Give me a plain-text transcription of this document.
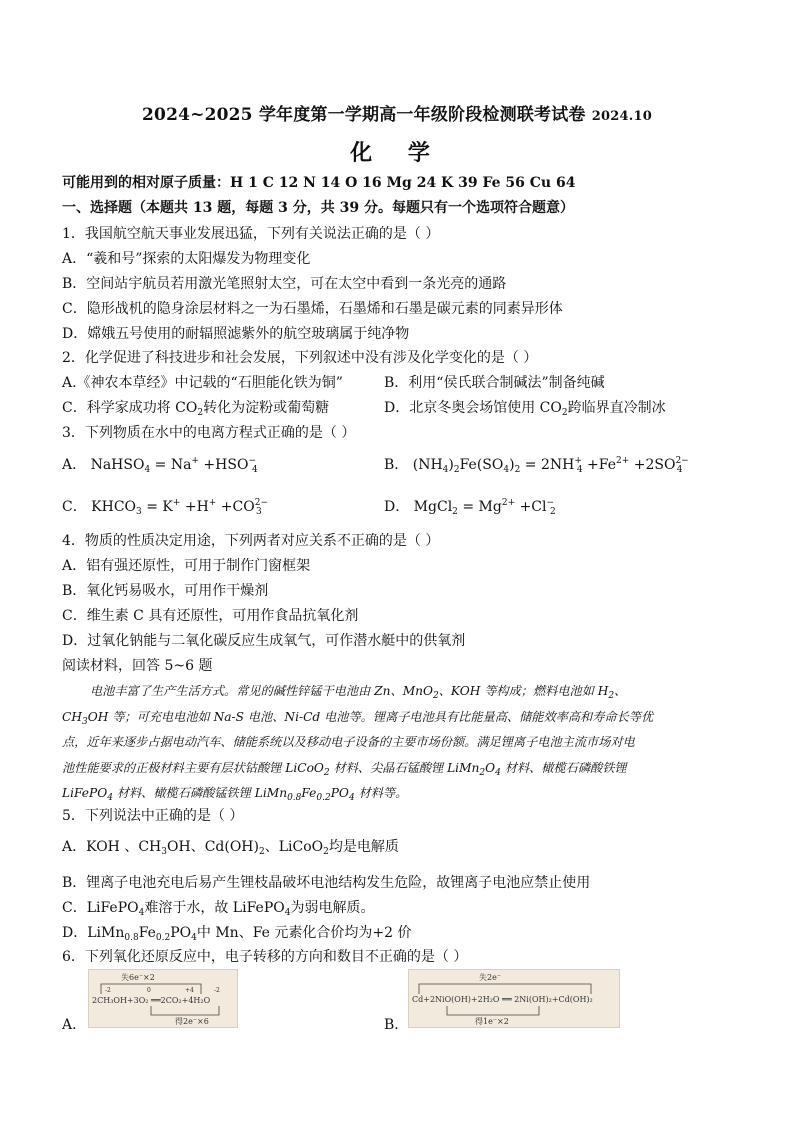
2024~2025 学年度第一学期高一年级阶段检测联考试卷 2024.10
化 学
可能用到的相对原子质量：H 1 C 12 N 14 O 16 Mg 24 K 39 Fe 56 Cu 64
一、选择题（本题共 13 题，每题 3 分，共 39 分。每题只有一个选项符合题意）
1．我国航空航天事业发展迅猛，下列有关说法正确的是（ ）
A．“羲和号”探索的太阳爆发为物理变化
B．空间站宇航员若用激光笔照射太空，可在太空中看到一条光亮的通路
C．隐形战机的隐身涂层材料之一为石墨烯，石墨烯和石墨是碳元素的同素异形体
D．嫦娥五号使用的耐辐照滤紫外的航空玻璃属于纯净物
2．化学促进了科技进步和社会发展，下列叙述中没有涉及化学变化的是（ ）
A.《神农本草经》中记载的“石胆能化铁为铜”	B．利用“侯氏联合制碱法”制备纯碱
C．科学家成功将 $CO_2$转化为淀粉或葡萄糖	D．北京冬奥会场馆使用 $CO_2$跨临界直冷制冰
3．下列物质在水中的电离方程式正确的是（ ）
A． NaHSO$_4$ = $Na^+ +HSO^-_4$	B． $(NH_4)_2Fe(SO_4)_2 = 2NH^+_4 +Fe^{2+} +2SO^{2-}_4$
C． $KHCO_3 = K^+ +H^+ +CO^{2-}_3$	D． MgCl$_2$ = $Mg^{2+} +Cl^-_2$
4．物质的性质决定用途，下列两者对应关系不正确的是（ ）
A．铝有强还原性，可用于制作门窗框架
B．氧化钙易吸水，可用作干燥剂
C．维生素 C 具有还原性，可用作食品抗氧化剂
D．过氧化钠能与二氧化碳反应生成氧气，可作潜水艇中的供氧剂
阅读材料，回答 5~6 题
电池丰富了生产生活方式。常见的碱性锌锰干电池由 Zn、MnO$_2$、KOH 等构成；燃料电池如 $H_2$、
$CH_3OH$ 等；可充电电池如 Na-S 电池、Ni-Cd 电池等。锂离子电池具有比能量高、储能效率高和寿命长等优
点，近年来逐步占据电动汽车、储能系统以及移动电子设备的主要市场份额。满足锂离子电池主流市场对电
池性能要求的正极材料主要有层状钴酸锂 LiCoO$_2$ 材料、尖晶石锰酸锂 $LiMn_2O_4$ 材料、橄榄石磷酸铁锂
LiFePO$_4$ 材料、橄榄石磷酸锰铁锂 $LiMn_{0.8}Fe_{0.2}PO_4$ 材料等。
5．下列说法中正确的是（ ）
A．KOH 、$CH_3OH$、$Cd(OH)_2$、LiCoO$_2$均是电解质
B．锂离子电池充电后易产生锂枝晶破坏电池结构发生危险，故锂离子电池应禁止使用
C．LiFePO$_4$难溶于水，故 LiFePO$_4$为弱电解质。
D．$LiMn_{0.8}Fe_{0.2}PO_4$中 Mn、Fe 元素化合价均为+2 价
6．下列氧化还原反应中，电子转移的方向和数目不正确的是（ ）
A．
失6e⁻×2
-2	0	+4	-2
2CH₃OH+3O₂ ══2CO₂+4H₂O
得2e⁻×6	B．
失2e⁻
Cd+2NiO(OH)+2H₂O ══ 2Ni(OH)₂+Cd(OH)₂
得1e⁻×2
